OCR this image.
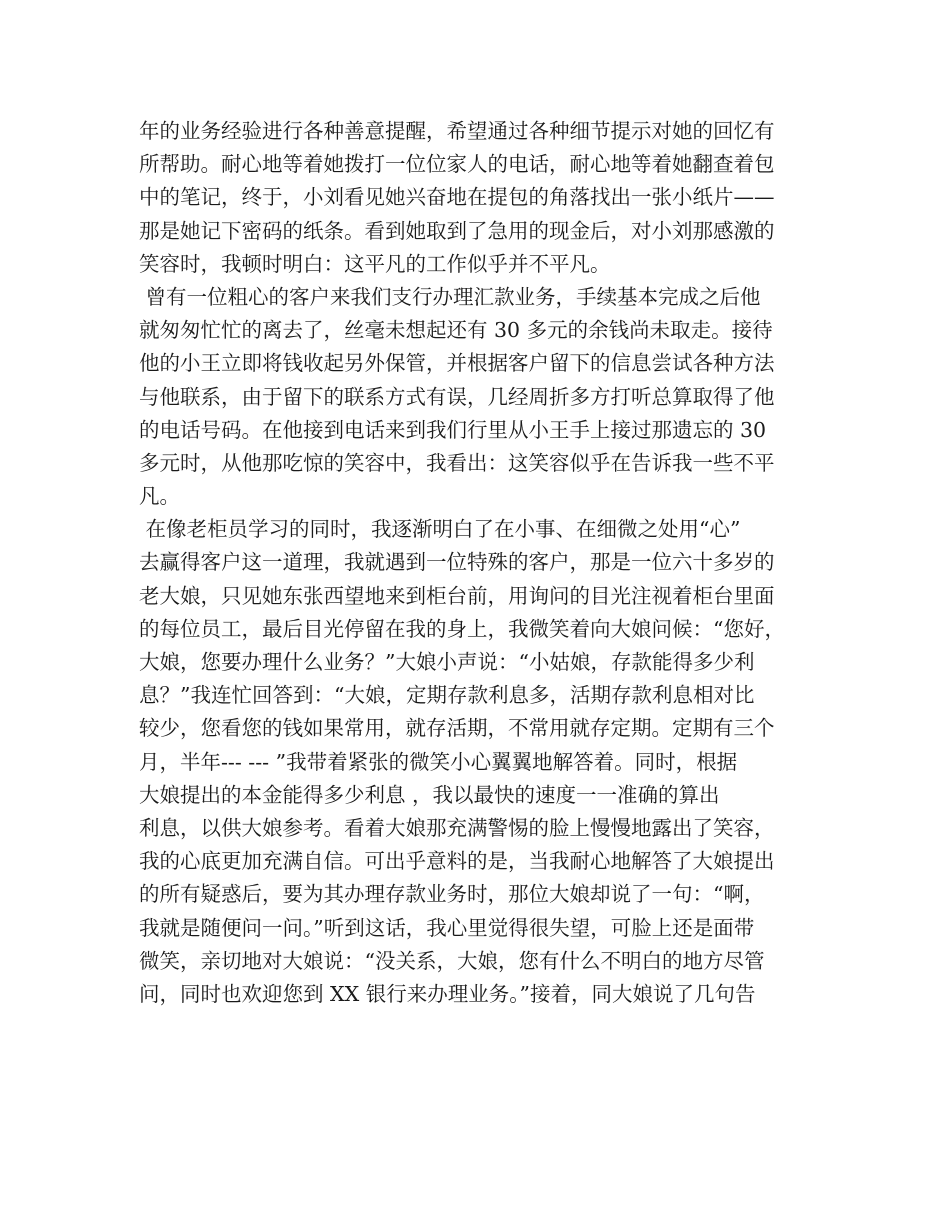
年的业务经验进行各种善意提醒，希望通过各种细节提示对她的回忆有
所帮助。耐心地等着她拨打一位位家人的电话，耐心地等着她翻查着包
中的笔记，终于，小刘看见她兴奋地在提包的角落找出一张小纸片——
那是她记下密码的纸条。看到她取到了急用的现金后，对小刘那感激的
笑容时，我顿时明白：这平凡的工作似乎并不平凡。
曾有一位粗心的客户来我们支行办理汇款业务，手续基本完成之后他
就匆匆忙忙的离去了，丝毫未想起还有 30 多元的余钱尚未取走。接待
他的小王立即将钱收起另外保管，并根据客户留下的信息尝试各种方法
与他联系，由于留下的联系方式有误，几经周折多方打听总算取得了他
的电话号码。在他接到电话来到我们行里从小王手上接过那遗忘的 30
多元时，从他那吃惊的笑容中，我看出：这笑容似乎在告诉我一些不平
凡。
在像老柜员学习的同时，我逐渐明白了在小事、在细微之处用“心”
去赢得客户这一道理，我就遇到一位特殊的客户，那是一位六十多岁的
老大娘，只见她东张西望地来到柜台前，用询问的目光注视着柜台里面
的每位员工，最后目光停留在我的身上，我微笑着向大娘问候：“您好，
大娘，您要办理什么业务？”大娘小声说：“小姑娘，存款能得多少利
息？”我连忙回答到：“大娘，定期存款利息多，活期存款利息相对比
较少，您看您的钱如果常用，就存活期，不常用就存定期。定期有三个
月，半年--- --- ”我带着紧张的微笑小心翼翼地解答着。同时，根据
大娘提出的本金能得多少利息 ，我以最快的速度一一准确的算出
利息，以供大娘参考。看着大娘那充满警惕的脸上慢慢地露出了笑容，
我的心底更加充满自信。可出乎意料的是，当我耐心地解答了大娘提出
的所有疑惑后，要为其办理存款业务时，那位大娘却说了一句：“啊，
我就是随便问一问。”听到这话，我心里觉得很失望，可脸上还是面带
微笑，亲切地对大娘说：“没关系，大娘，您有什么不明白的地方尽管
问，同时也欢迎您到 XX 银行来办理业务。”接着，同大娘说了几句告
